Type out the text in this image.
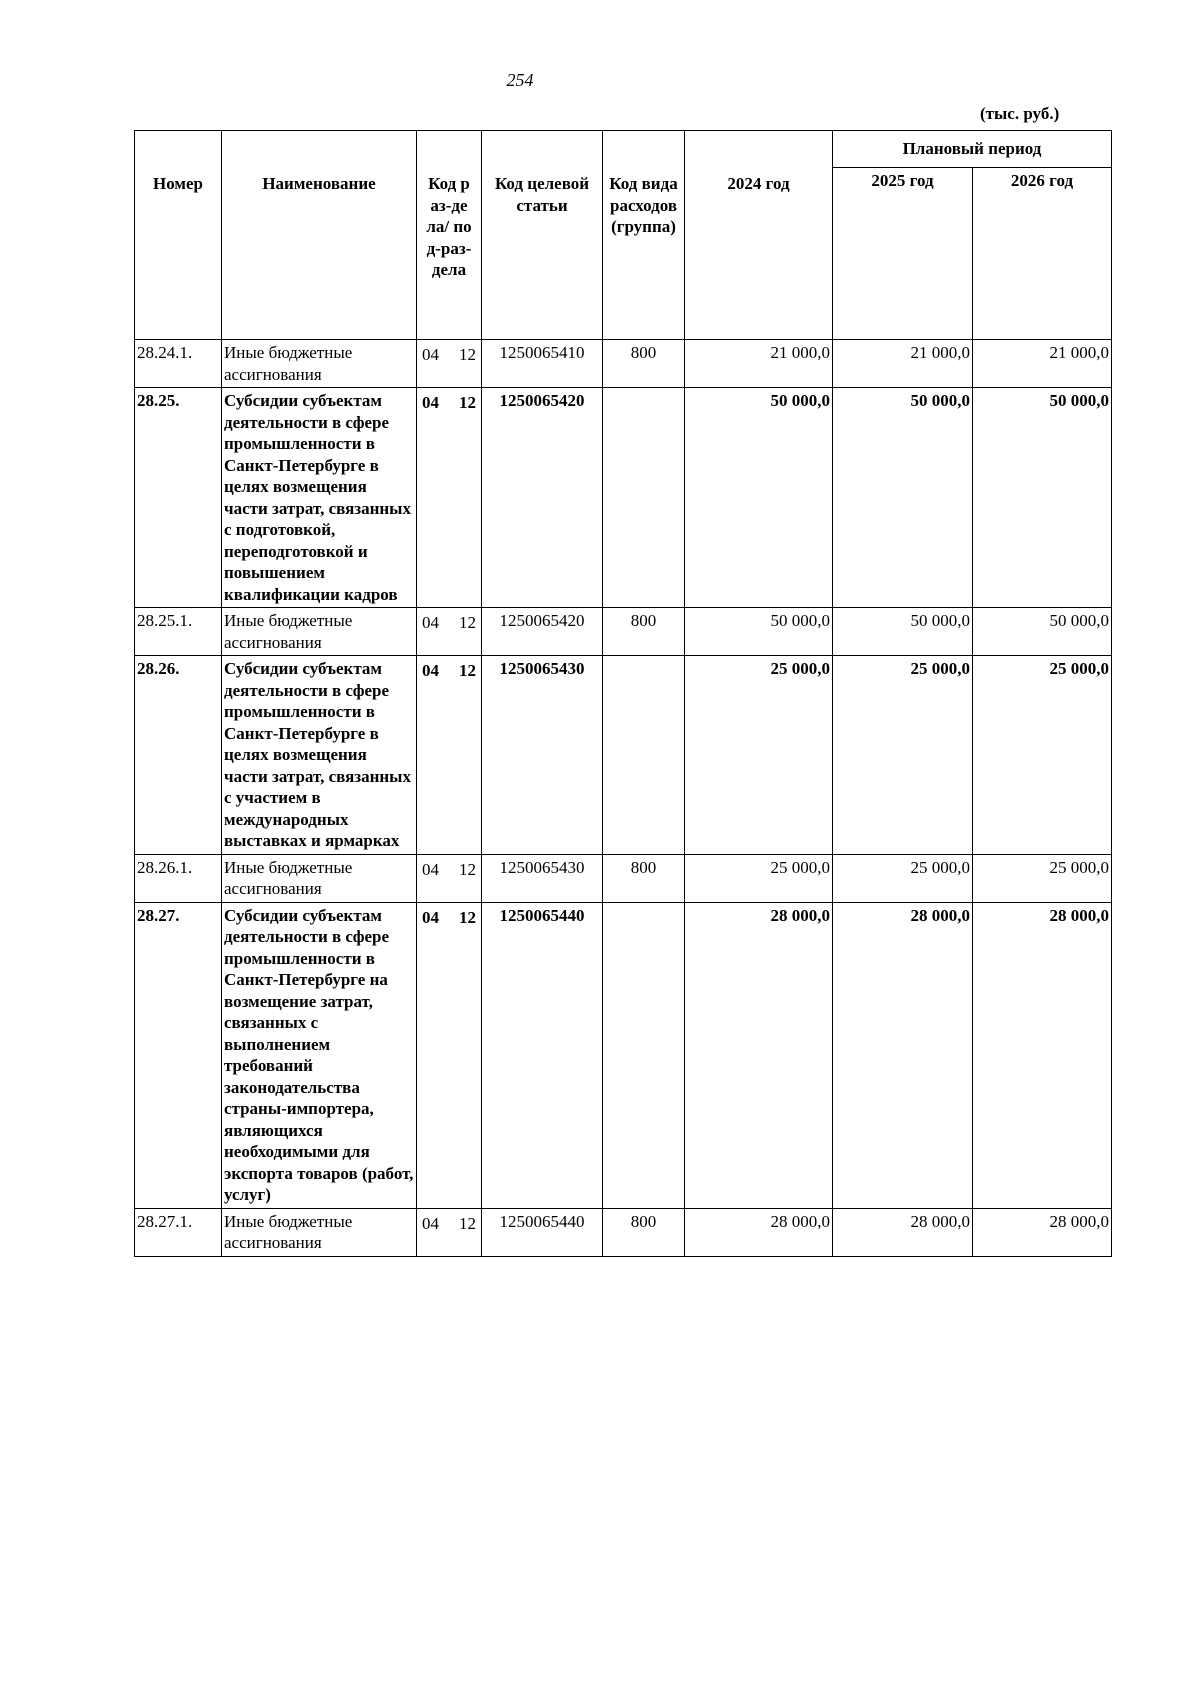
254
(тыс. руб.)
Номер	Наименование	Код раз-дела/ под-раз-дела	Код целевой статьи	Код вида расходов (группа)	2024 год	Плановый период	
						2025 год	2026 год
28.24.1.	Иные бюджетные ассигнования	04 12	1250065410	800	21 000,0	21 000,0	21 000,0
28.25.	Субсидии субъектам деятельности в сфере промышленности в Санкт-Петербурге в целях возмещения части затрат, связанных с подготовкой, переподготовкой и повышением квалификации кадров	04 12	1250065420		50 000,0	50 000,0	50 000,0
28.25.1.	Иные бюджетные ассигнования	04 12	1250065420	800	50 000,0	50 000,0	50 000,0
28.26.	Субсидии субъектам деятельности в сфере промышленности в Санкт-Петербурге в целях возмещения части затрат, связанных с участием в международных выставках и ярмарках	04 12	1250065430		25 000,0	25 000,0	25 000,0
28.26.1.	Иные бюджетные ассигнования	04 12	1250065430	800	25 000,0	25 000,0	25 000,0
28.27.	Субсидии субъектам деятельности в сфере промышленности в Санкт-Петербурге на возмещение затрат, связанных с выполнением требований законодательства страны-импортера, являющихся необходимыми для экспорта товаров (работ, услуг)	04 12	1250065440		28 000,0	28 000,0	28 000,0
28.27.1.	Иные бюджетные ассигнования	04 12	1250065440	800	28 000,0	28 000,0	28 000,0
